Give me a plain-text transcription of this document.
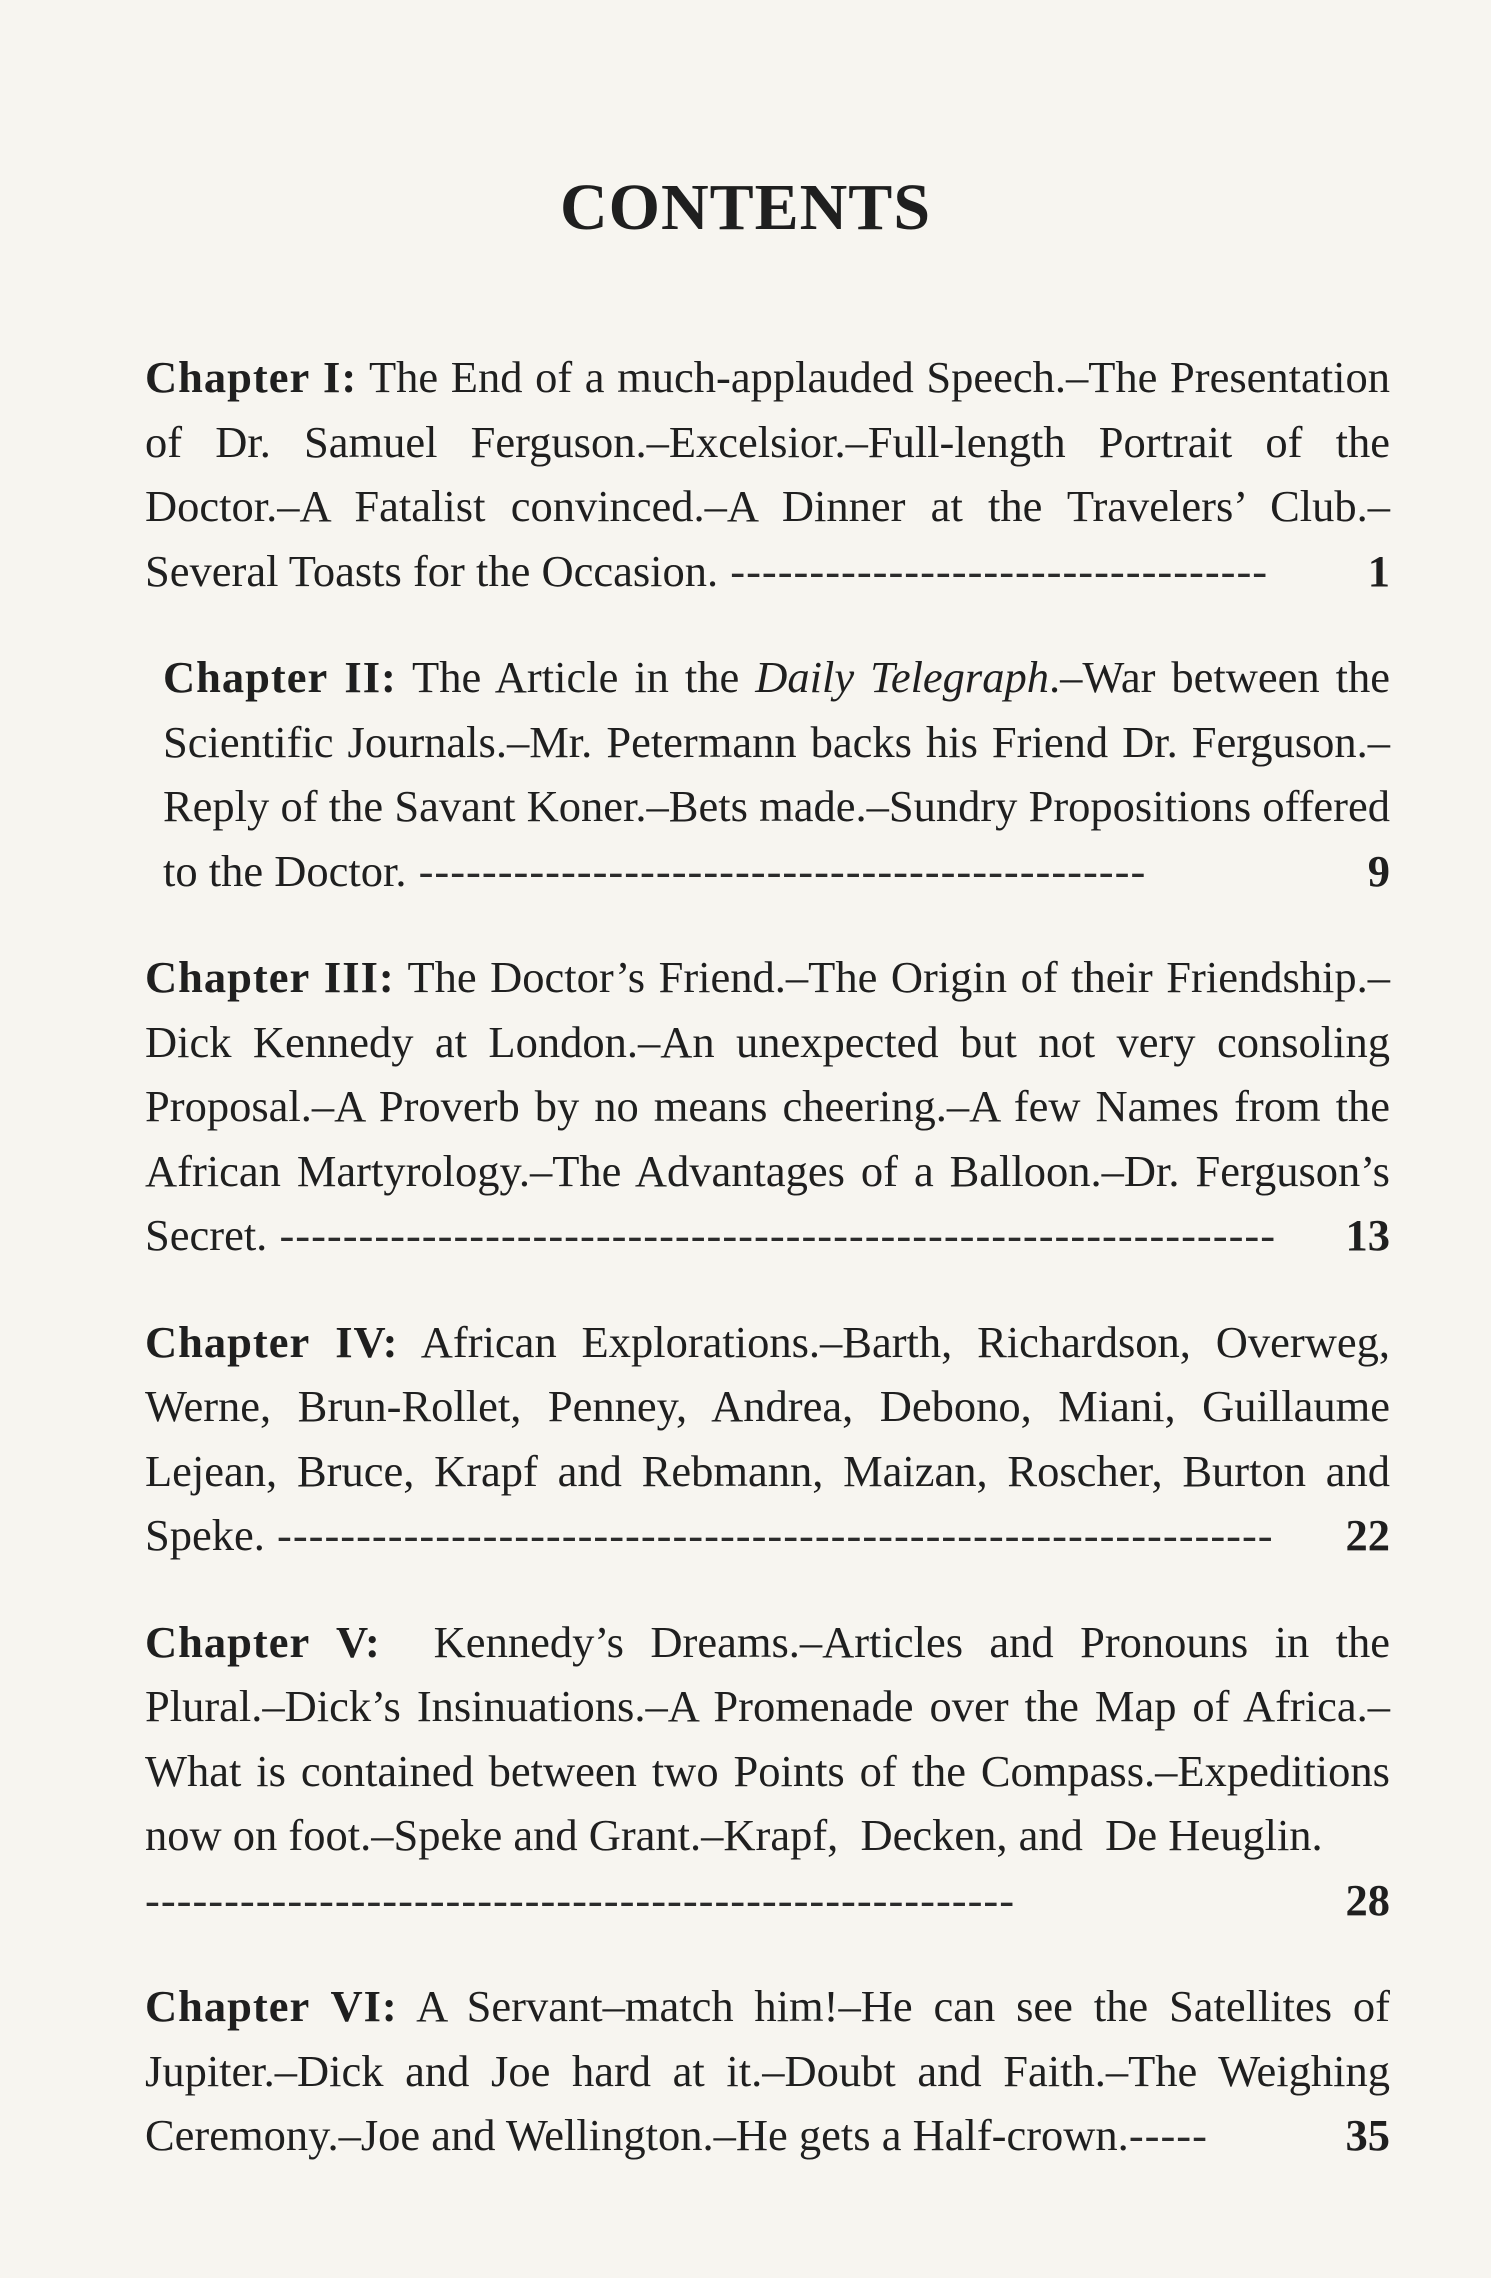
CONTENTS
Chapter I: The End of a much-applauded Speech.–The Presentation of Dr. Samuel Ferguson.–Excelsior.–Full-length Portrait of the Doctor.–A Fatalist convinced.–A Dinner at the Travelers’ Club.–Several Toasts for the Occasion. ---------------------------------- 1
Chapter II: The Article in the Daily Telegraph.–War between the Scientific Journals.–Mr. Petermann backs his Friend Dr. Ferguson.–Reply of the Savant Koner.–Bets made.–Sundry Propositions offered to the Doctor. ----------------------------------------------	9
Chapter III: The Doctor’s Friend.–The Origin of their Friendship.–Dick Kennedy at London.–An unexpected but not very consoling Proposal.–A Proverb by no means cheering.–A few Names from the African Martyrology.–The Advantages of a Balloon.–Dr. Ferguson’s Secret. --------------------------------------------------------------- 13
Chapter IV: African Explorations.–Barth, Richardson, Overweg, Werne, Brun-Rollet, Penney, Andrea, Debono, Miani, Guillaume Lejean, Bruce, Krapf and Rebmann, Maizan, Roscher, Burton and Speke. --------------------------------------------------------------- 22
Chapter V:  Kennedy’s Dreams.–Articles and Pronouns in the Plural.–Dick’s Insinuations.–A Promenade over the Map of Africa.–What is contained between two Points of the Compass.–Expeditions now on foot.–Speke and Grant.–Krapf,  Decken, and  De Heuglin.
-------------------------------------------------------	28
Chapter VI: A Servant–match him!–He can see the Satellites of Jupiter.–Dick and Joe hard at it.–Doubt and Faith.–The Weighing Ceremony.–Joe and Wellington.–He gets a Half-crown.-----	35
